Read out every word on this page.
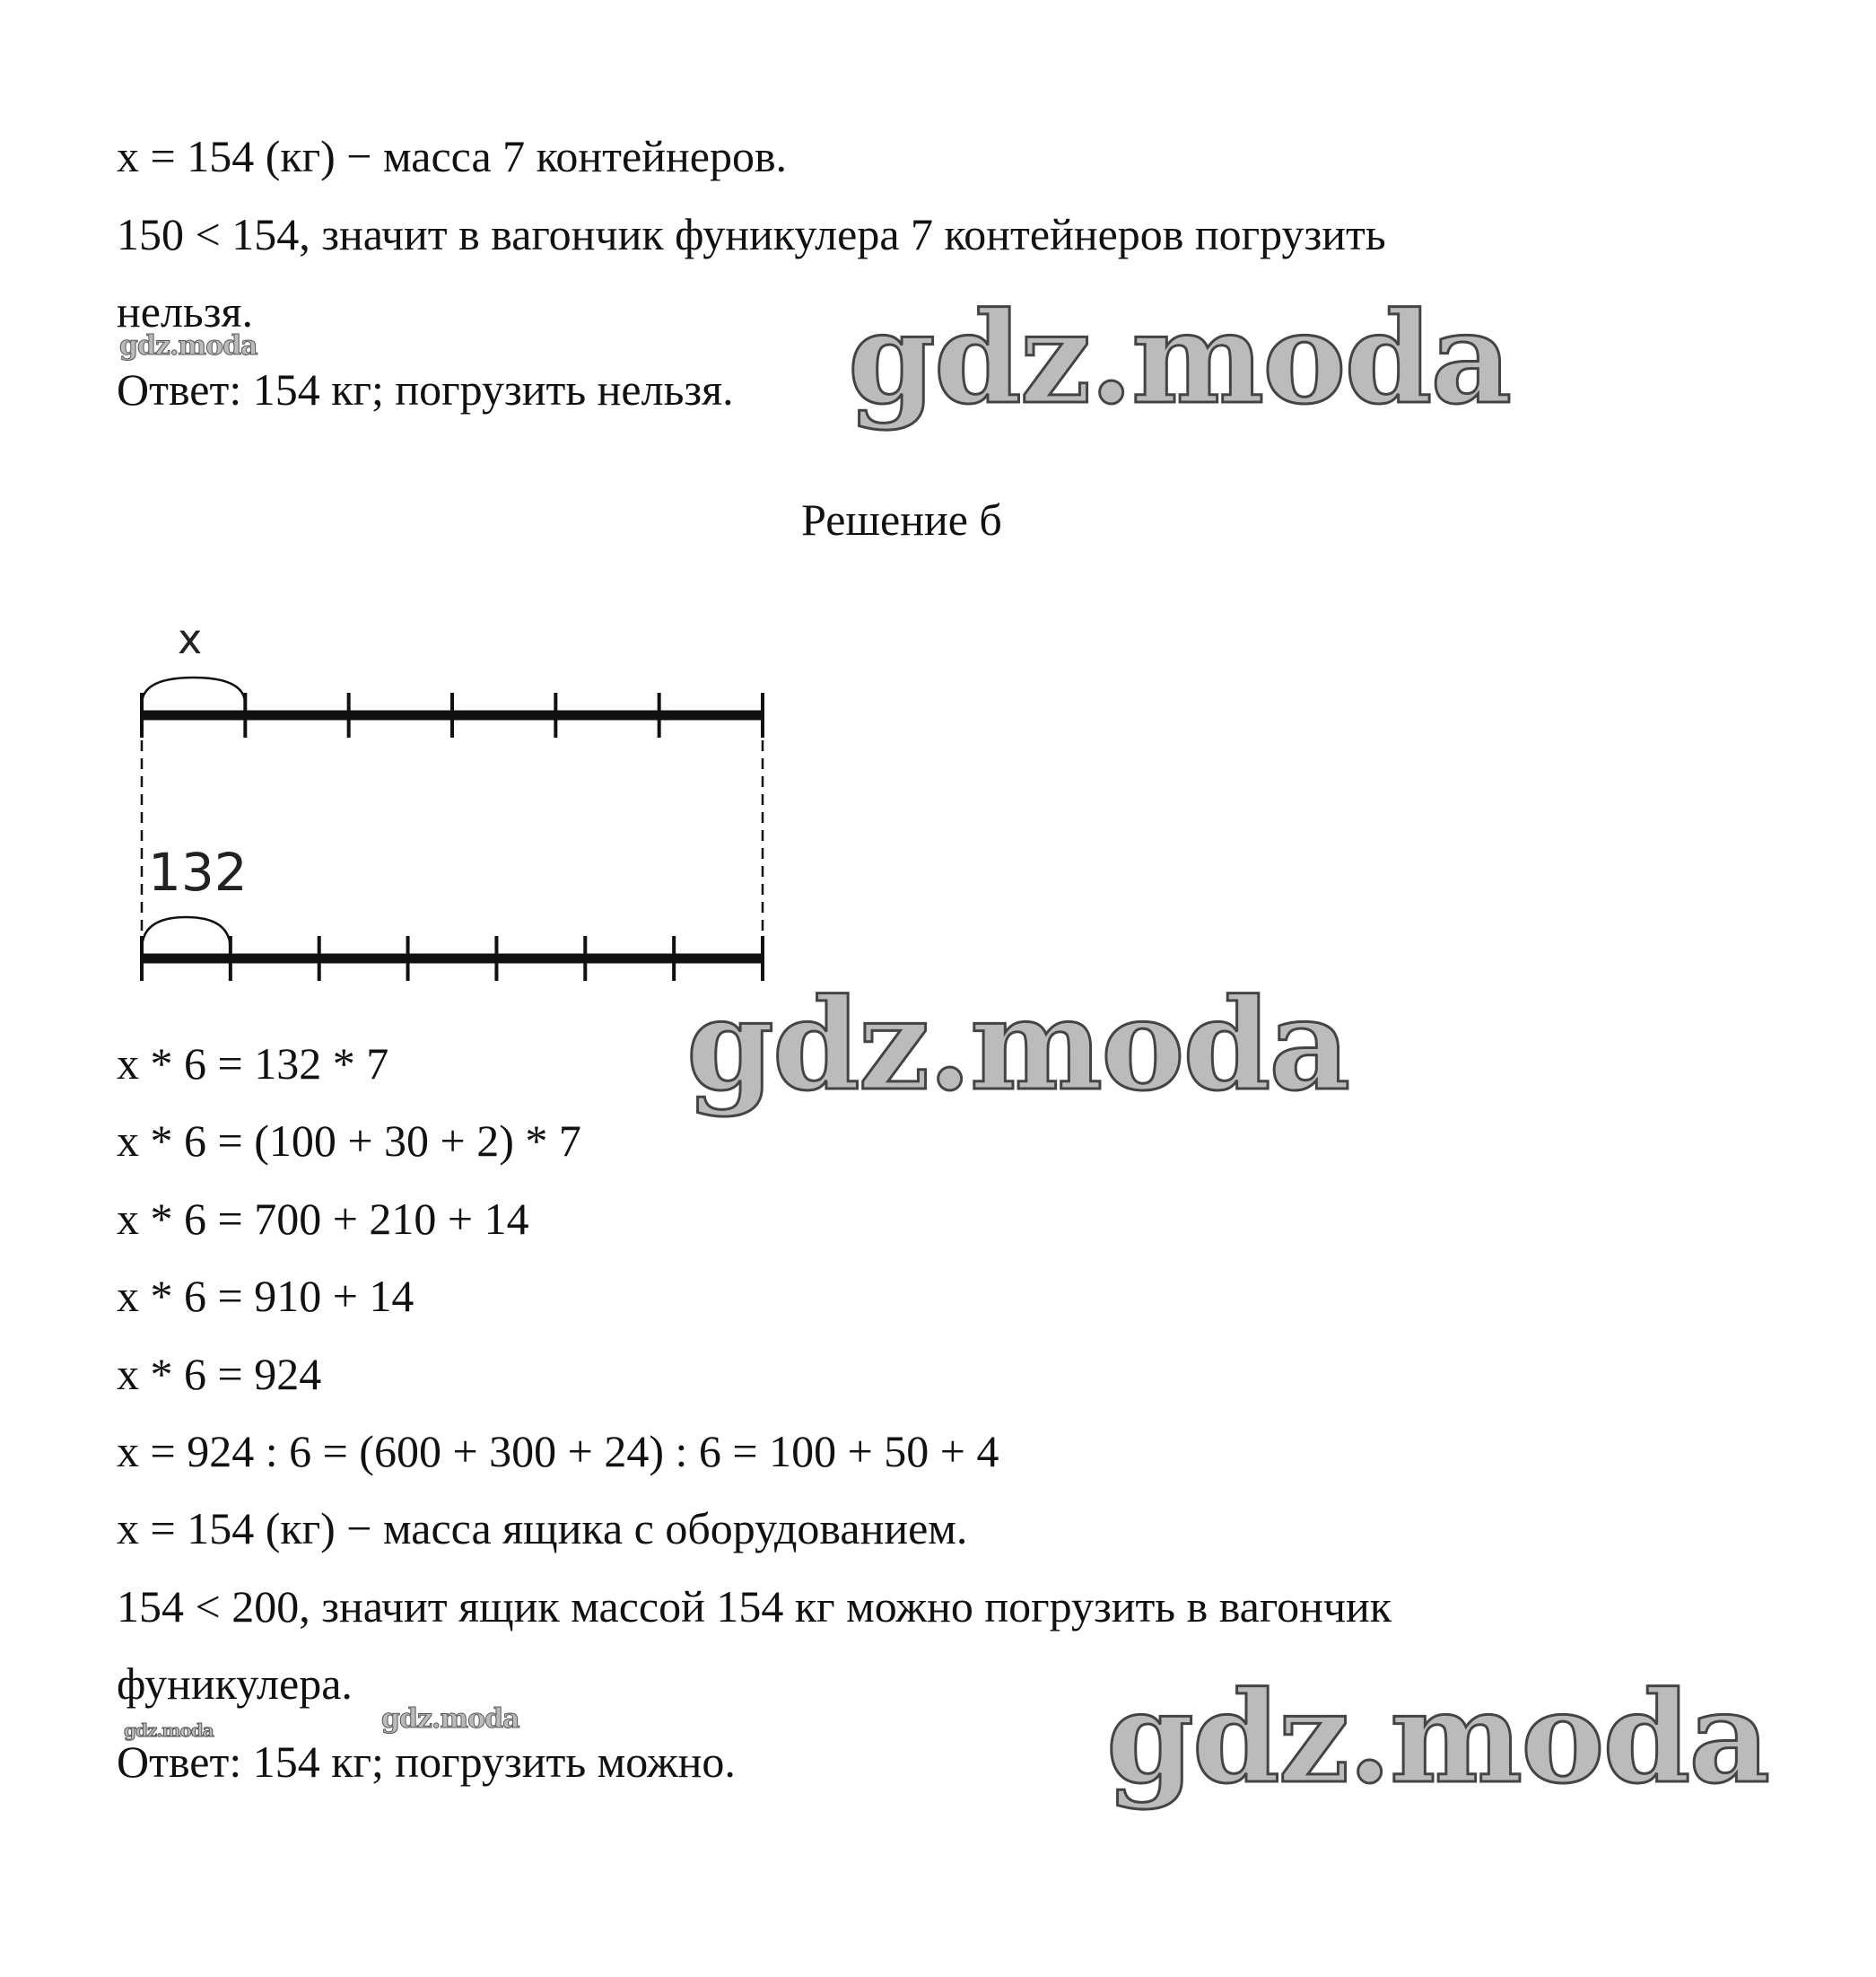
x = 154 (кг) − масса 7 контейнеров.
150 < 154, значит в вагончик фуникулера 7 контейнеров погрузить
нельзя.
Ответ: 154 кг; погрузить нельзя.
Решение б
x
132
x * 6 = 132 * 7
x * 6 = (100 + 30 + 2) * 7
x * 6 = 700 + 210 + 14
x * 6 = 910 + 14
x * 6 = 924
x = 924 : 6 = (600 + 300 + 24) : 6 = 100 + 50 + 4
x = 154 (кг) − масса ящика с оборудованием.
154 < 200, значит ящик массой 154 кг можно погрузить в вагончик
фуникулера.
Ответ: 154 кг; погрузить можно.
gdz.moda
gdz.moda
gdz.moda
gdz.moda
gdz.moda	gdz.moda
